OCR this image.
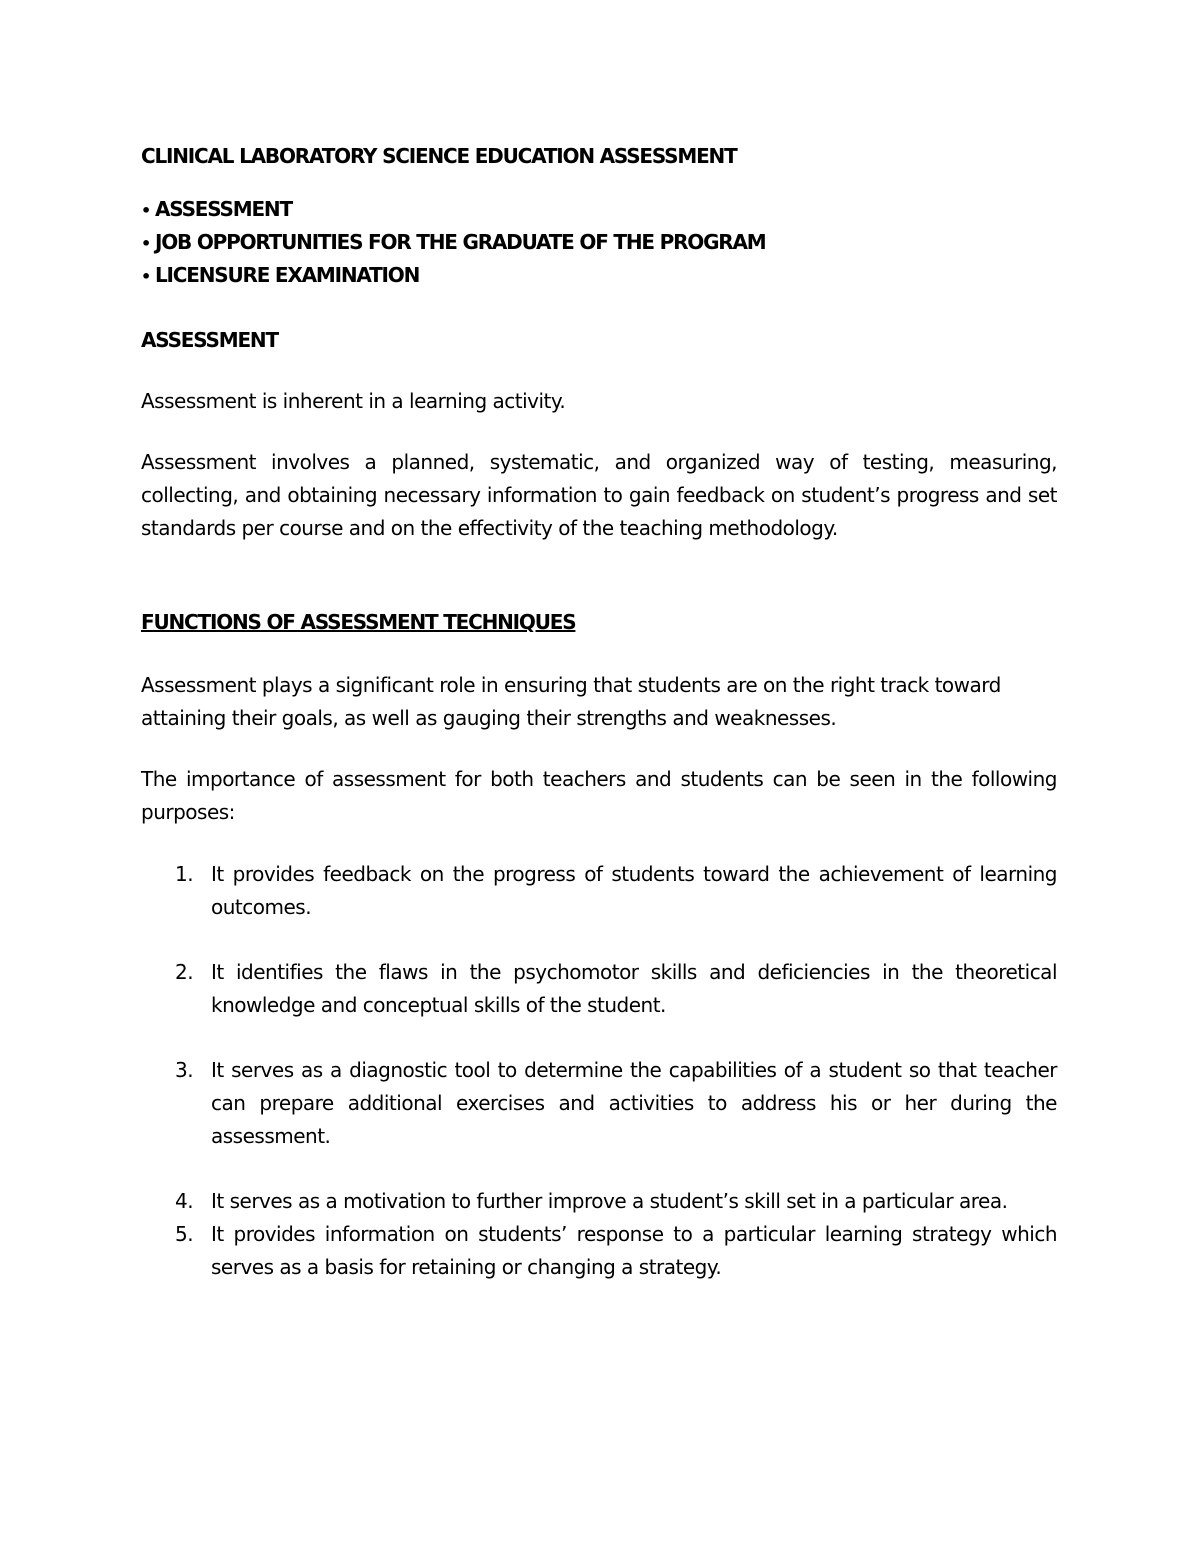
CLINICAL LABORATORY SCIENCE EDUCATION ASSESSMENT

• ASSESSMENT
• JOB OPPORTUNITIES FOR THE GRADUATE OF THE PROGRAM
• LICENSURE EXAMINATION

ASSESSMENT

Assessment is inherent in a learning activity.

Assessment involves a planned, systematic, and organized way of testing, measuring, collecting, and obtaining necessary information to gain feedback on student’s progress and set standards per course and on the effectivity of the teaching methodology.

FUNCTIONS OF ASSESSMENT TECHNIQUES

Assessment plays a significant role in ensuring that students are on the right track toward
attaining their goals, as well as gauging their strengths and weaknesses.

The importance of assessment for both teachers and students can be seen in the following purposes:

1. It provides feedback on the progress of students toward the achievement of learning outcomes.
2. It identifies the flaws in the psychomotor skills and deficiencies in the theoretical knowledge and conceptual skills of the student.
3. It serves as a diagnostic tool to determine the capabilities of a student so that teacher can prepare additional exercises and activities to address his or her during the assessment.
4. It serves as a motivation to further improve a student’s skill set in a particular area.
5. It provides information on students’ response to a particular learning strategy which serves as a basis for retaining or changing a strategy.
